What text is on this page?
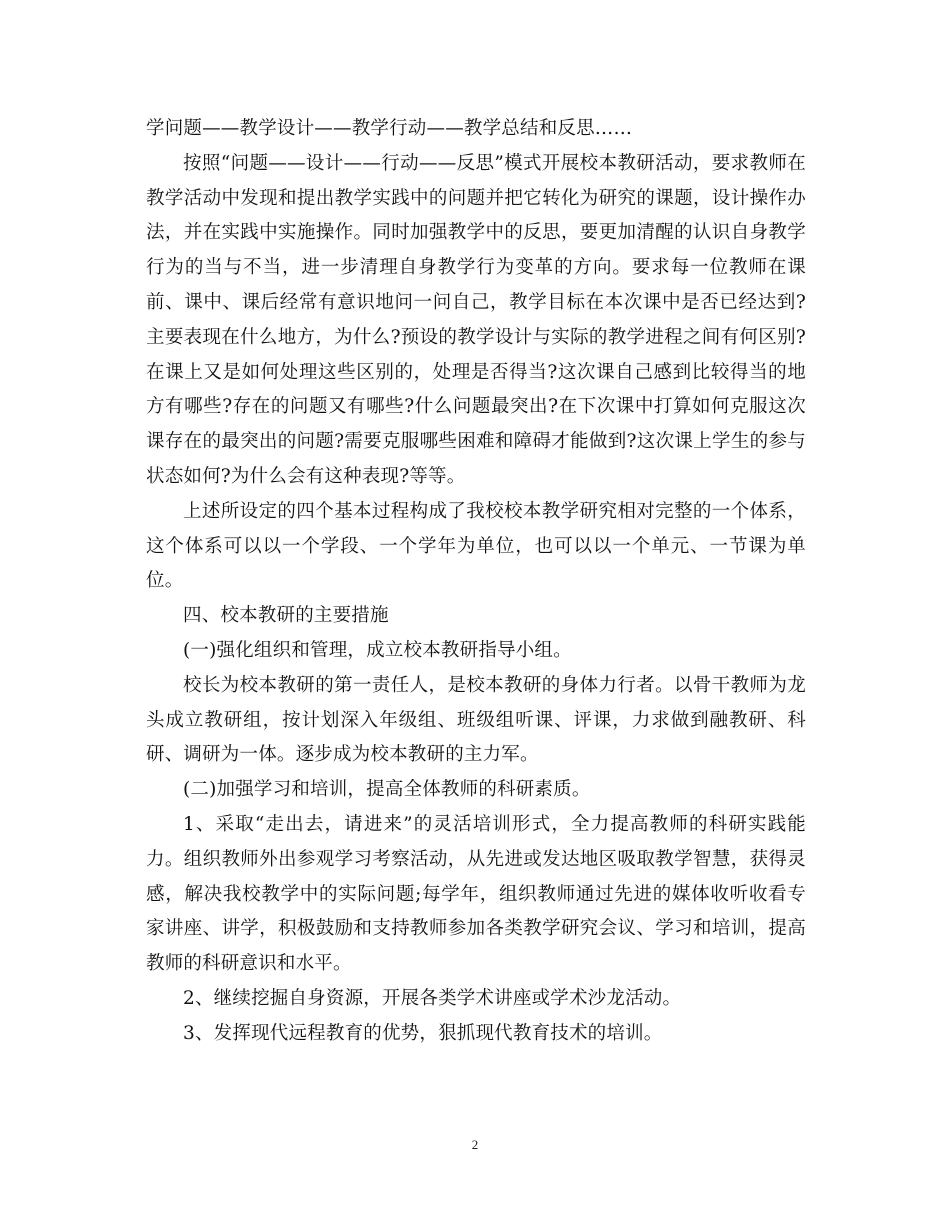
学问题——教学设计——教学行动——教学总结和反思……

按照“问题——设计——行动——反思”模式开展校本教研活动，要求教师在教学活动中发现和提出教学实践中的问题并把它转化为研究的课题，设计操作办法，并在实践中实施操作。同时加强教学中的反思，要更加清醒的认识自身教学行为的当与不当，进一步清理自身教学行为变革的方向。要求每一位教师在课前、课中、课后经常有意识地问一问自己，教学目标在本次课中是否已经达到?主要表现在什么地方，为什么?预设的教学设计与实际的教学进程之间有何区别?在课上又是如何处理这些区别的，处理是否得当?这次课自己感到比较得当的地方有哪些?存在的问题又有哪些?什么问题最突出?在下次课中打算如何克服这次课存在的最突出的问题?需要克服哪些困难和障碍才能做到?这次课上学生的参与状态如何?为什么会有这种表现?等等。

上述所设定的四个基本过程构成了我校校本教学研究相对完整的一个体系，这个体系可以以一个学段、一个学年为单位，也可以以一个单元、一节课为单位。

四、校本教研的主要措施

(一)强化组织和管理，成立校本教研指导小组。

校长为校本教研的第一责任人，是校本教研的身体力行者。以骨干教师为龙头成立教研组，按计划深入年级组、班级组听课、评课，力求做到融教研、科研、调研为一体。逐步成为校本教研的主力军。

(二)加强学习和培训，提高全体教师的科研素质。

1、采取“走出去，请进来”的灵活培训形式，全力提高教师的科研实践能力。组织教师外出参观学习考察活动，从先进或发达地区吸取教学智慧，获得灵感，解决我校教学中的实际问题;每学年，组织教师通过先进的媒体收听收看专家讲座、讲学，积极鼓励和支持教师参加各类教学研究会议、学习和培训，提高教师的科研意识和水平。

2、继续挖掘自身资源，开展各类学术讲座或学术沙龙活动。

3、发挥现代远程教育的优势，狠抓现代教育技术的培训。

2
